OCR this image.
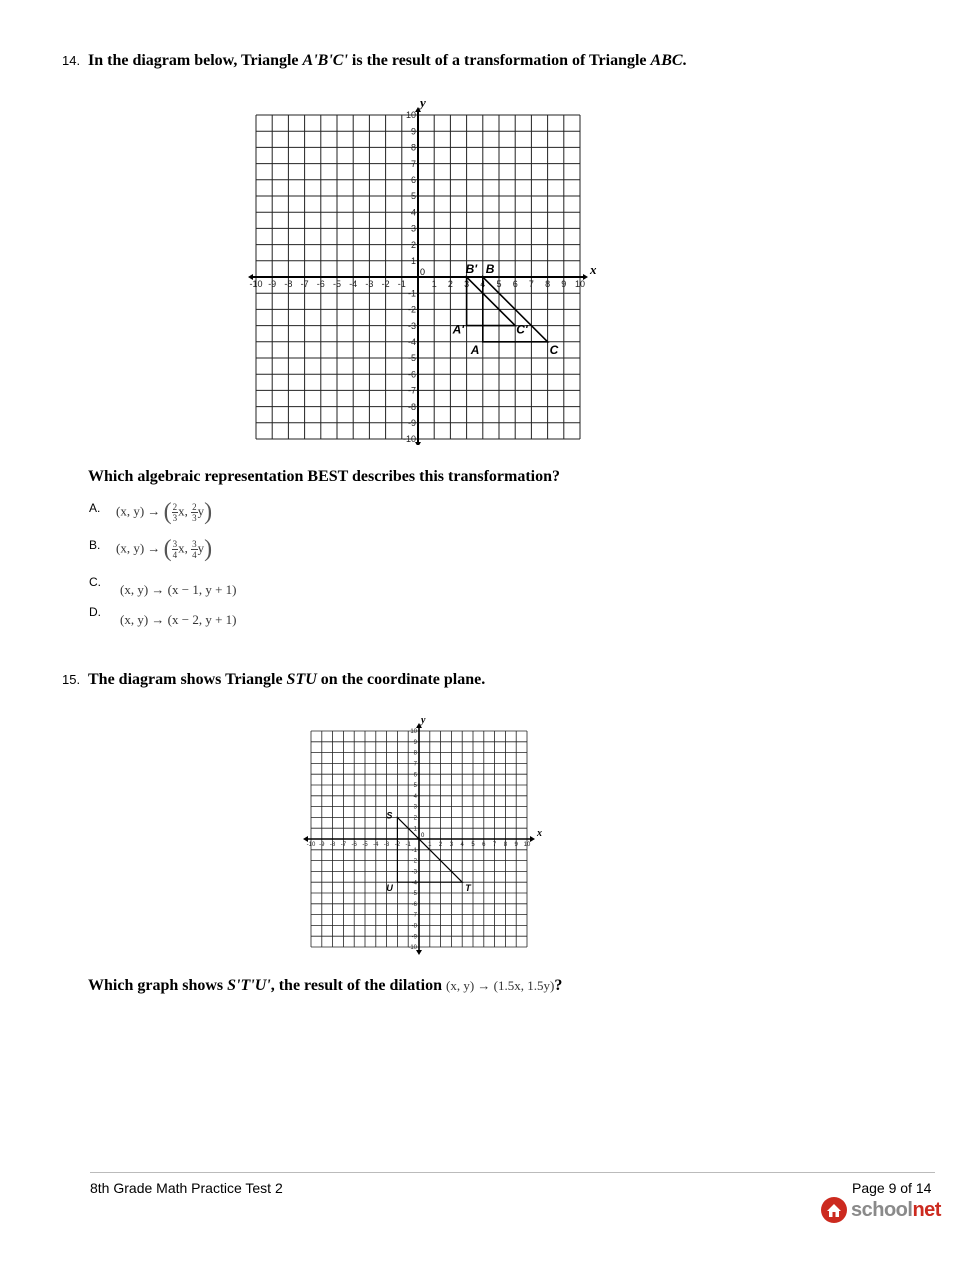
14. In the diagram below, Triangle A'B'C' is the result of a transformation of Triangle ABC.
x
y
-10
-10
-9
-9
-8
-8
-7
-7
-6
-6
-5
-5
-4
-4
-3
-3
-2
-2
-1
-1
1
1
2
2
3
3
4
4
5
5
6
6
7
7
8
8
9
9
10
10
0	B' B
A'	C'
A	C
Which algebraic representation BEST describes this transformation?
A. (x, y) → ( $\frac{2}{3} x$, $\frac{2}{3} y$)
B. (x, y) → ( $\frac{3}{4} x$, $\frac{3}{4} y$)
C. (x, y) → (x − 1, y + 1)
D. (x, y) → (x − 2, y + 1)
15. The diagram shows Triangle STU on the coordinate plane.
x
y
-10
-10
-9
-9
-8
-8
-7
-7
-6
-6
-5
-5
-4
-4
-3
-3
-2
-2
-1
-1
1
1
2
2
3
3
4
4
5
5
6
6
7
7
8
8
9
9
10
10
0
S
T
U
Which graph shows S'T'U', the result of the dilation (x, y) → (1.5x, 1.5y)?
8th Grade Math Practice Test 2	Page 9 of 14
schoolnet
